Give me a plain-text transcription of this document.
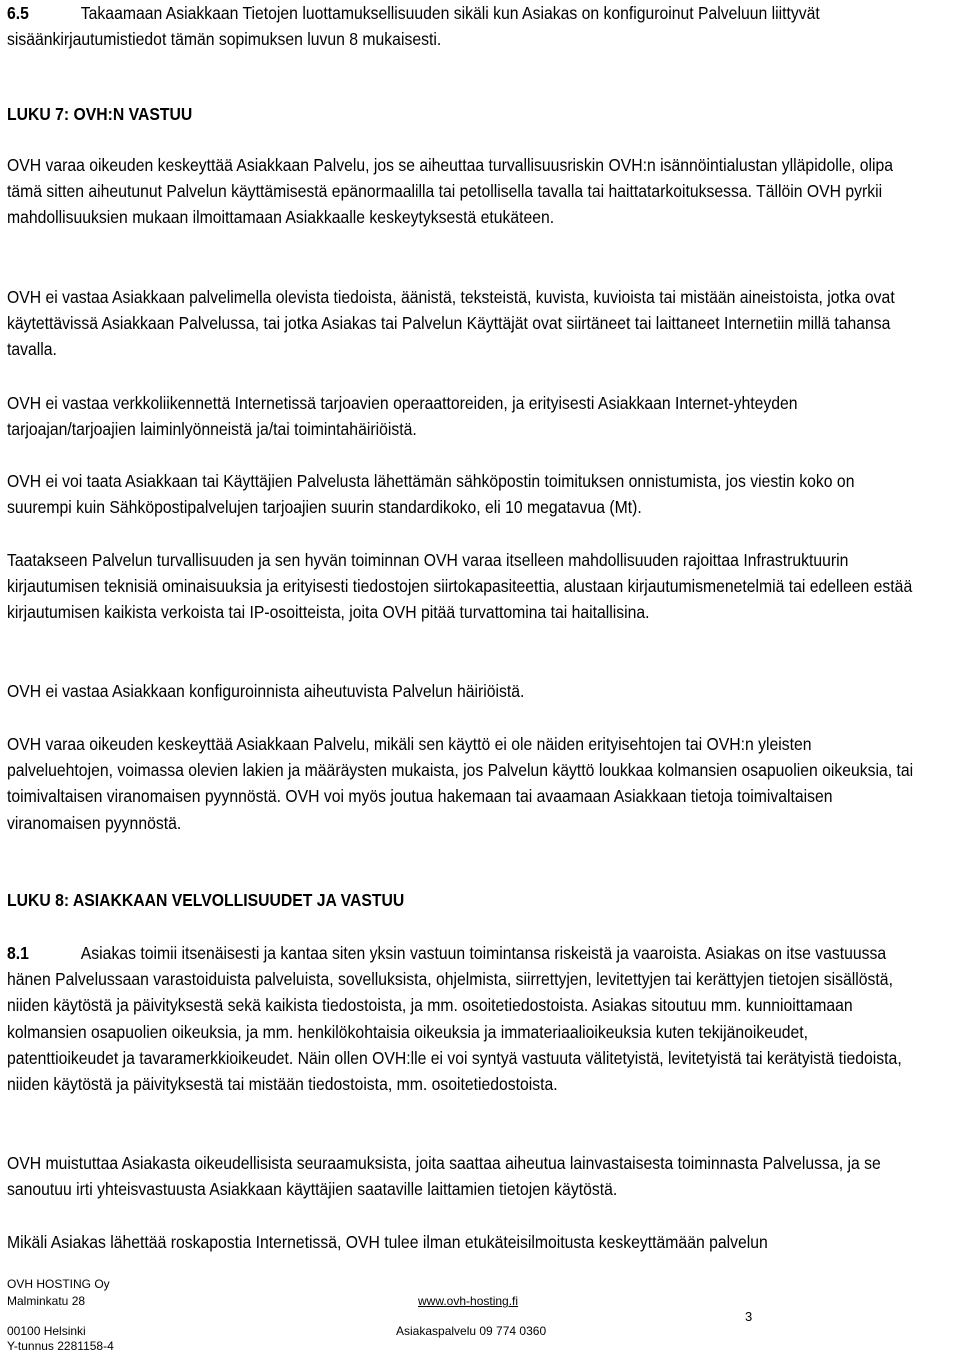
6.5	Takaamaan Asiakkaan Tietojen luottamuksellisuuden sikäli kun Asiakas on konfiguroinut Palveluun liittyvät sisäänkirjautumistiedot tämän sopimuksen luvun 8 mukaisesti.

LUKU 7: OVH:N VASTUU

OVH varaa oikeuden keskeyttää Asiakkaan Palvelu, jos se aiheuttaa turvallisuusriskin OVH:n isännöintialustan ylläpidolle, olipa tämä sitten aiheutunut Palvelun käyttämisestä epänormaalilla tai petollisella tavalla tai haittatarkoituksessa. Tällöin OVH pyrkii mahdollisuuksien mukaan ilmoittamaan Asiakkaalle keskeytyksestä etukäteen.

OVH ei vastaa Asiakkaan palvelimella olevista tiedoista, äänistä, teksteistä, kuvista, kuvioista tai mistään aineistoista, jotka ovat käytettävissä Asiakkaan Palvelussa, tai jotka Asiakas tai Palvelun Käyttäjät ovat siirtäneet tai laittaneet Internetiin millä tahansa tavalla.

OVH ei vastaa verkkoliikennettä Internetissä tarjoavien operaattoreiden, ja erityisesti Asiakkaan Internet-yhteyden tarjoajan/tarjoajien laiminlyönneistä ja/tai toimintahäiriöistä.

OVH ei voi taata Asiakkaan tai Käyttäjien Palvelusta lähettämän sähköpostin toimituksen onnistumista, jos viestin koko on suurempi kuin Sähköpostipalvelujen tarjoajien suurin standardikoko, eli 10 megatavua (Mt).

Taatakseen Palvelun turvallisuuden ja sen hyvän toiminnan OVH varaa itselleen mahdollisuuden rajoittaa Infrastruktuurin kirjautumisen teknisiä ominaisuuksia ja erityisesti tiedostojen siirtokapasiteettia, alustaan kirjautumismenetelmiä tai edelleen estää kirjautumisen kaikista verkoista tai IP-osoitteista, joita OVH pitää turvattomina tai haitallisina.

OVH ei vastaa Asiakkaan konfiguroinnista aiheutuvista Palvelun häiriöistä.

OVH varaa oikeuden keskeyttää Asiakkaan Palvelu, mikäli sen käyttö ei ole näiden erityisehtojen tai OVH:n yleisten palveluehtojen, voimassa olevien lakien ja määräysten mukaista, jos Palvelun käyttö loukkaa kolmansien osapuolien oikeuksia, tai toimivaltaisen viranomaisen pyynnöstä. OVH voi myös joutua hakemaan tai avaamaan Asiakkaan tietoja toimivaltaisen viranomaisen pyynnöstä.

LUKU 8: ASIAKKAAN VELVOLLISUUDET JA VASTUU

8.1	Asiakas toimii itsenäisesti ja kantaa siten yksin vastuun toimintansa riskeistä ja vaaroista. Asiakas on itse vastuussa hänen Palvelussaan varastoiduista palveluista, sovelluksista, ohjelmista, siirrettyjen, levitettyjen tai kerättyjen tietojen sisällöstä, niiden käytöstä ja päivityksestä sekä kaikista tiedostoista, ja mm. osoitetiedostoista. Asiakas sitoutuu mm. kunnioittamaan kolmansien osapuolien oikeuksia, ja mm. henkilökohtaisia oikeuksia ja immateriaalioikeuksia kuten tekijänoikeudet, patenttioikeudet ja tavaramerkkioikeudet. Näin ollen OVH:lle ei voi syntyä vastuuta välitetyistä, levitetyistä tai kerätyistä tiedoista, niiden käytöstä ja päivityksestä tai mistään tiedostoista, mm. osoitetiedostoista.

OVH muistuttaa Asiakasta oikeudellisista seuraamuksista, joita saattaa aiheutua lainvastaisesta toiminnasta Palvelussa, ja se sanoutuu irti yhteisvastuusta Asiakkaan käyttäjien saataville laittamien tietojen käytöstä.

Mikäli Asiakas lähettää roskapostia Internetissä, OVH tulee ilman etukäteisilmoitusta keskeyttämään palvelun

OVH HOSTING Oy
Malminkatu 28
00100 Helsinki
Y-tunnus 2281158-4
www.ovh-hosting.fi
Asiakaspalvelu 09 774 0360
3
